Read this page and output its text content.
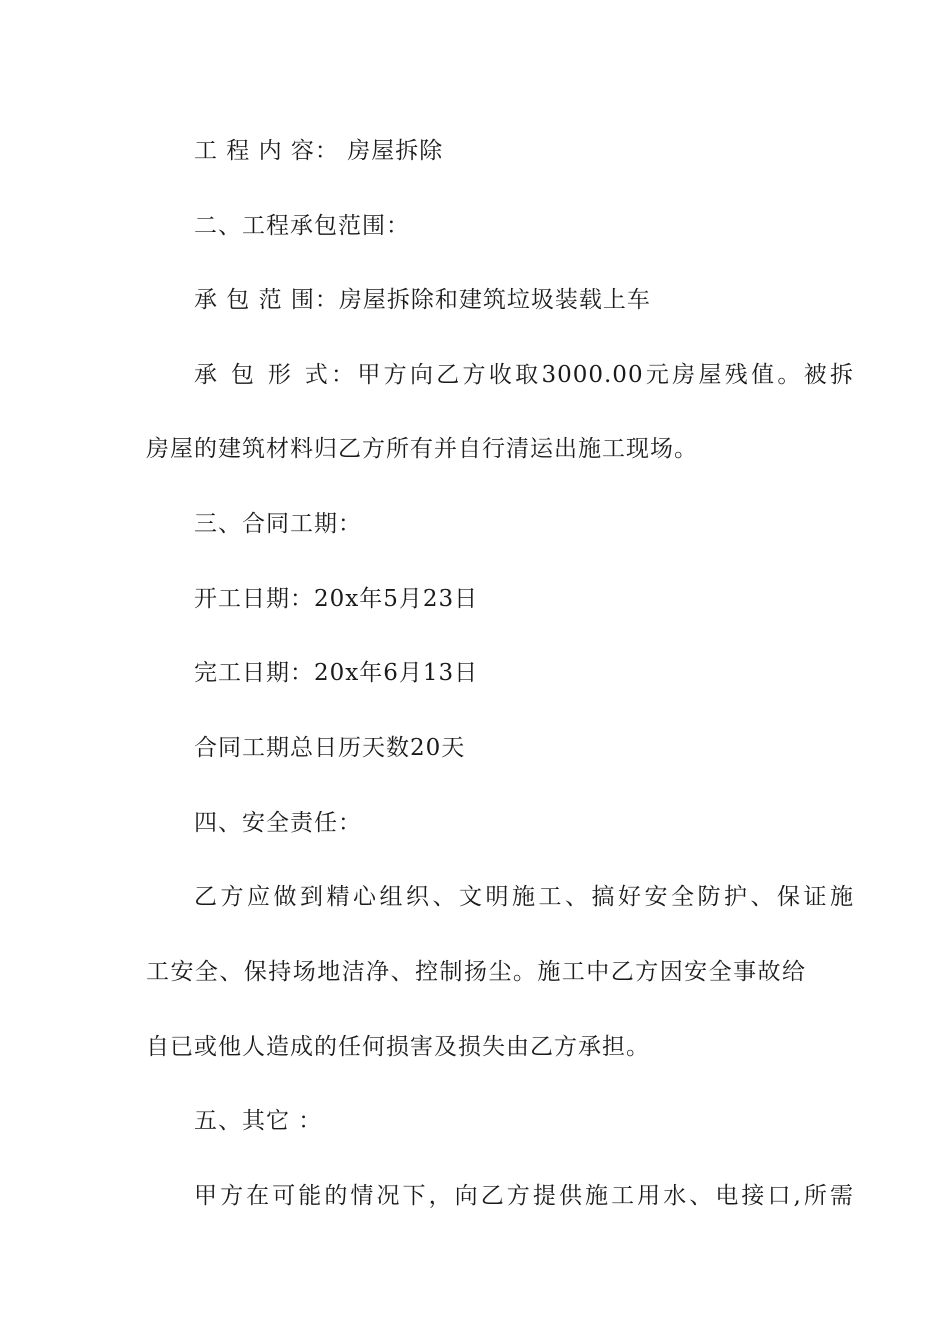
工 程 内 容： 房屋拆除
二、工程承包范围：
承 包 范 围：房屋拆除和建筑垃圾装载上车
承 包 形 式：甲方向乙方收取3000.00元房屋残值。被拆
房屋的建筑材料归乙方所有并自行清运出施工现场。
三、合同工期：
开工日期：20x年5月23日
完工日期：20x年6月13日
合同工期总日历天数20天
四、安全责任：
乙方应做到精心组织、文明施工、搞好安全防护、保证施
工安全、保持场地洁净、控制扬尘。施工中乙方因安全事故给
自已或他人造成的任何损害及损失由乙方承担。
五、其它 ：
甲方在可能的情况下，向乙方提供施工用水、电接口,所需
